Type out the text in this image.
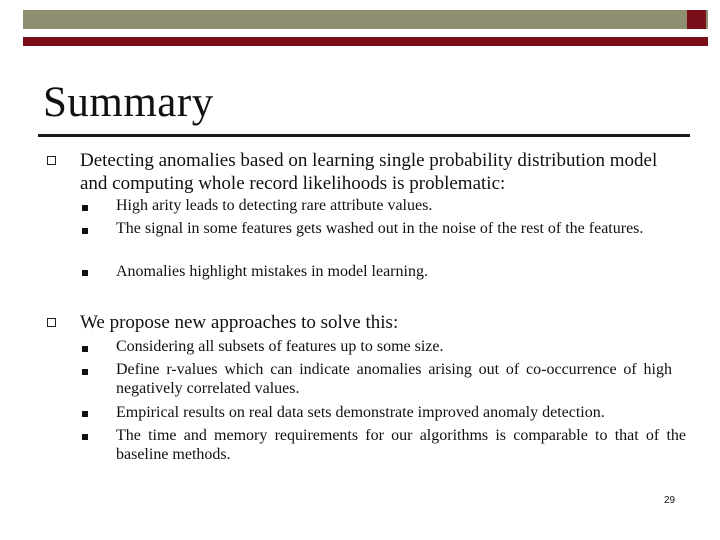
Summary
Detecting anomalies based on learning single probability distribution model and computing whole record likelihoods is problematic:
High arity leads to detecting rare attribute values.
The signal in some features gets washed out in the noise of the rest of the features.
Anomalies highlight mistakes in model learning.
We propose new approaches to solve this:
Considering all subsets of features up to some size.
Define r-values which can indicate anomalies arising out of co-occurrence of high negatively correlated values.
Empirical results on real data sets demonstrate improved anomaly detection.
The time and memory requirements for our algorithms is comparable to that of the baseline methods.
29
